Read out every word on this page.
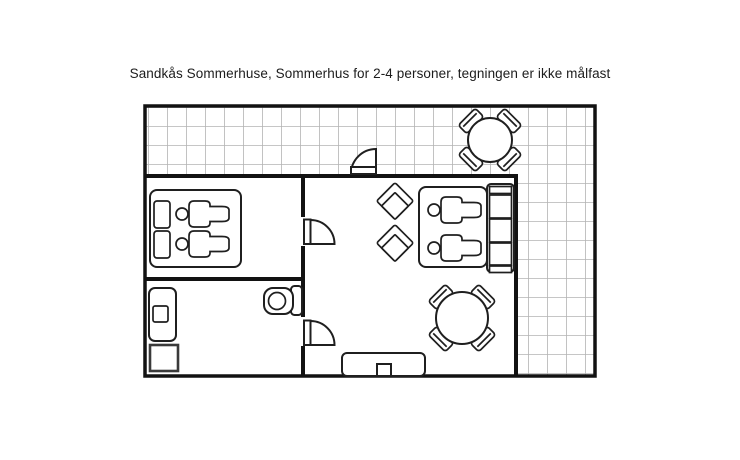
Sandkås Sommerhuse, Sommerhus for 2-4 personer, tegningen er ikke målfast
